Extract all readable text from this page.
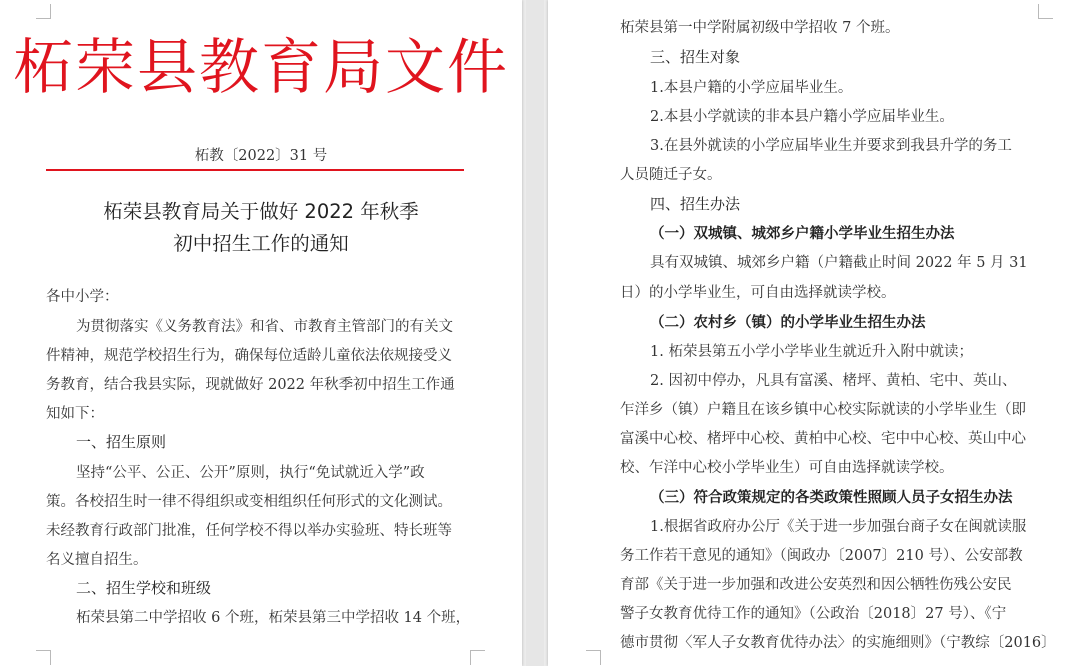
柘荣县教育局文件
柘教〔2022〕31 号
柘荣县教育局关于做好 2022 年秋季
初中招生工作的通知
各中小学：
为贯彻落实《义务教育法》和省、市教育主管部门的有关文
件精神，规范学校招生行为，确保每位适龄儿童依法依规接受义
务教育，结合我县实际，现就做好 2022 年秋季初中招生工作通
知如下：
一、招生原则
坚持“公平、公正、公开”原则，执行“免试就近入学”政
策。各校招生时一律不得组织或变相组织任何形式的文化测试。
未经教育行政部门批准，任何学校不得以举办实验班、特长班等
名义擅自招生。
二、招生学校和班级
柘荣县第二中学招收 6 个班，柘荣县第三中学招收 14 个班，
柘荣县第一中学附属初级中学招收 7 个班。
三、招生对象
1.本县户籍的小学应届毕业生。
2.本县小学就读的非本县户籍小学应届毕业生。
3.在县外就读的小学应届毕业生并要求到我县升学的务工
人员随迁子女。
四、招生办法
（一）双城镇、城郊乡户籍小学毕业生招生办法
具有双城镇、城郊乡户籍（户籍截止时间 2022 年 5 月 31
日）的小学毕业生，可自由选择就读学校。
（二）农村乡（镇）的小学毕业生招生办法
1. 柘荣县第五小学小学毕业生就近升入附中就读；
2. 因初中停办，凡具有富溪、楮坪、黄柏、宅中、英山、
乍洋乡（镇）户籍且在该乡镇中心校实际就读的小学毕业生（即
富溪中心校、楮坪中心校、黄柏中心校、宅中中心校、英山中心
校、乍洋中心校小学毕业生）可自由选择就读学校。
（三）符合政策规定的各类政策性照顾人员子女招生办法
1.根据省政府办公厅《关于进一步加强台商子女在闽就读服
务工作若干意见的通知》（闽政办〔2007〕210 号）、公安部教
育部《关于进一步加强和改进公安英烈和因公牺牲伤残公安民
警子女教育优待工作的通知》（公政治〔2018〕27 号）、《宁
德市贯彻〈军人子女教育优待办法〉的实施细则》（宁教综〔2016〕
